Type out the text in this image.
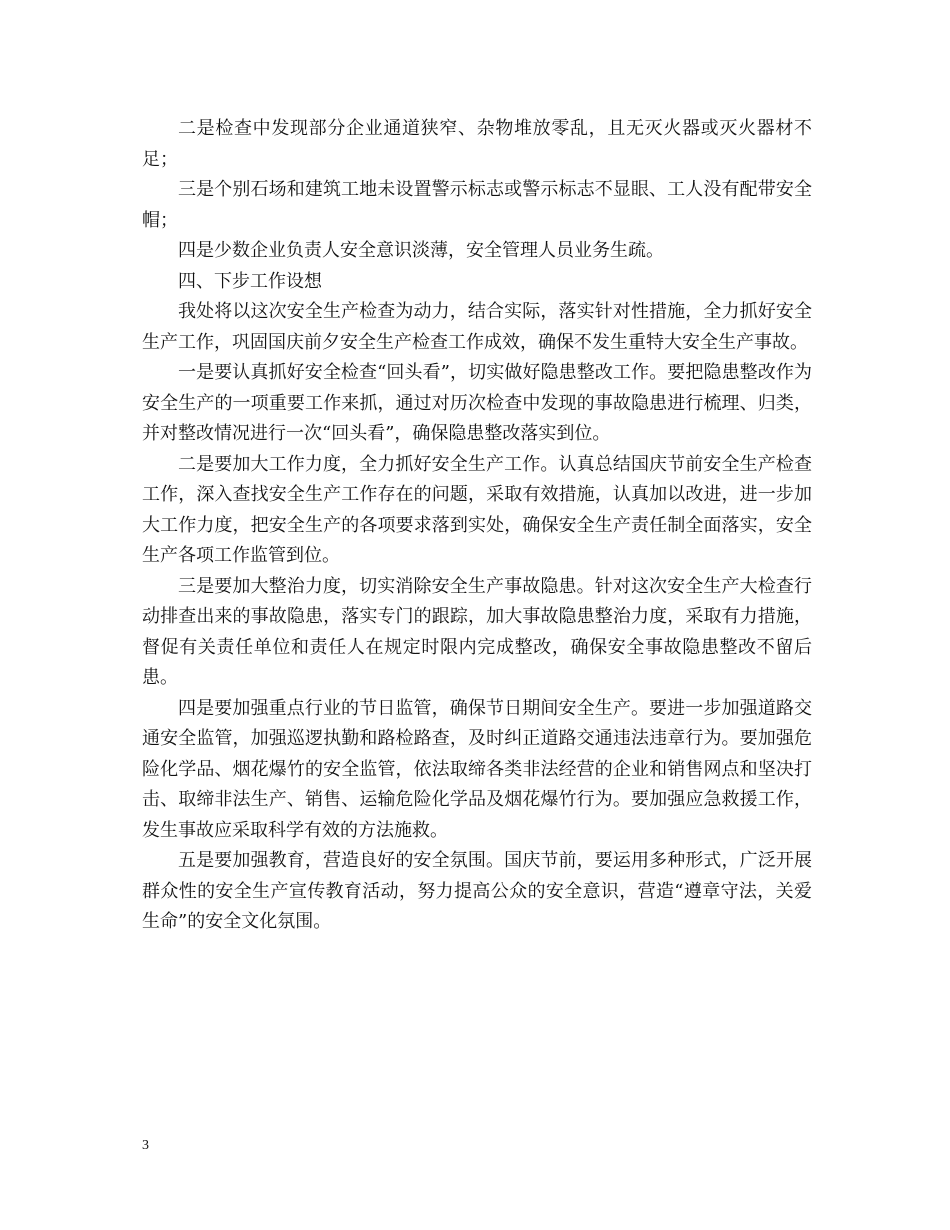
二是检查中发现部分企业通道狭窄、杂物堆放零乱，且无灭火器或灭火器材不足；

三是个别石场和建筑工地未设置警示标志或警示标志不显眼、工人没有配带安全帽；

四是少数企业负责人安全意识淡薄，安全管理人员业务生疏。

四、下步工作设想

我处将以这次安全生产检查为动力，结合实际，落实针对性措施，全力抓好安全生产工作，巩固国庆前夕安全生产检查工作成效，确保不发生重特大安全生产事故。

一是要认真抓好安全检查“回头看”，切实做好隐患整改工作。要把隐患整改作为安全生产的一项重要工作来抓，通过对历次检查中发现的事故隐患进行梳理、归类，并对整改情况进行一次“回头看”，确保隐患整改落实到位。

二是要加大工作力度，全力抓好安全生产工作。认真总结国庆节前安全生产检查工作，深入查找安全生产工作存在的问题，采取有效措施，认真加以改进，进一步加大工作力度，把安全生产的各项要求落到实处，确保安全生产责任制全面落实，安全生产各项工作监管到位。

三是要加大整治力度，切实消除安全生产事故隐患。针对这次安全生产大检查行动排查出来的事故隐患，落实专门的跟踪，加大事故隐患整治力度，采取有力措施，督促有关责任单位和责任人在规定时限内完成整改，确保安全事故隐患整改不留后患。

四是要加强重点行业的节日监管，确保节日期间安全生产。要进一步加强道路交通安全监管，加强巡逻执勤和路检路查，及时纠正道路交通违法违章行为。要加强危险化学品、烟花爆竹的安全监管，依法取缔各类非法经营的企业和销售网点和坚决打击、取缔非法生产、销售、运输危险化学品及烟花爆竹行为。要加强应急救援工作，发生事故应采取科学有效的方法施救。

五是要加强教育，营造良好的安全氛围。国庆节前，要运用多种形式，广泛开展群众性的安全生产宣传教育活动，努力提高公众的安全意识，营造“遵章守法，关爱生命”的安全文化氛围。

3
